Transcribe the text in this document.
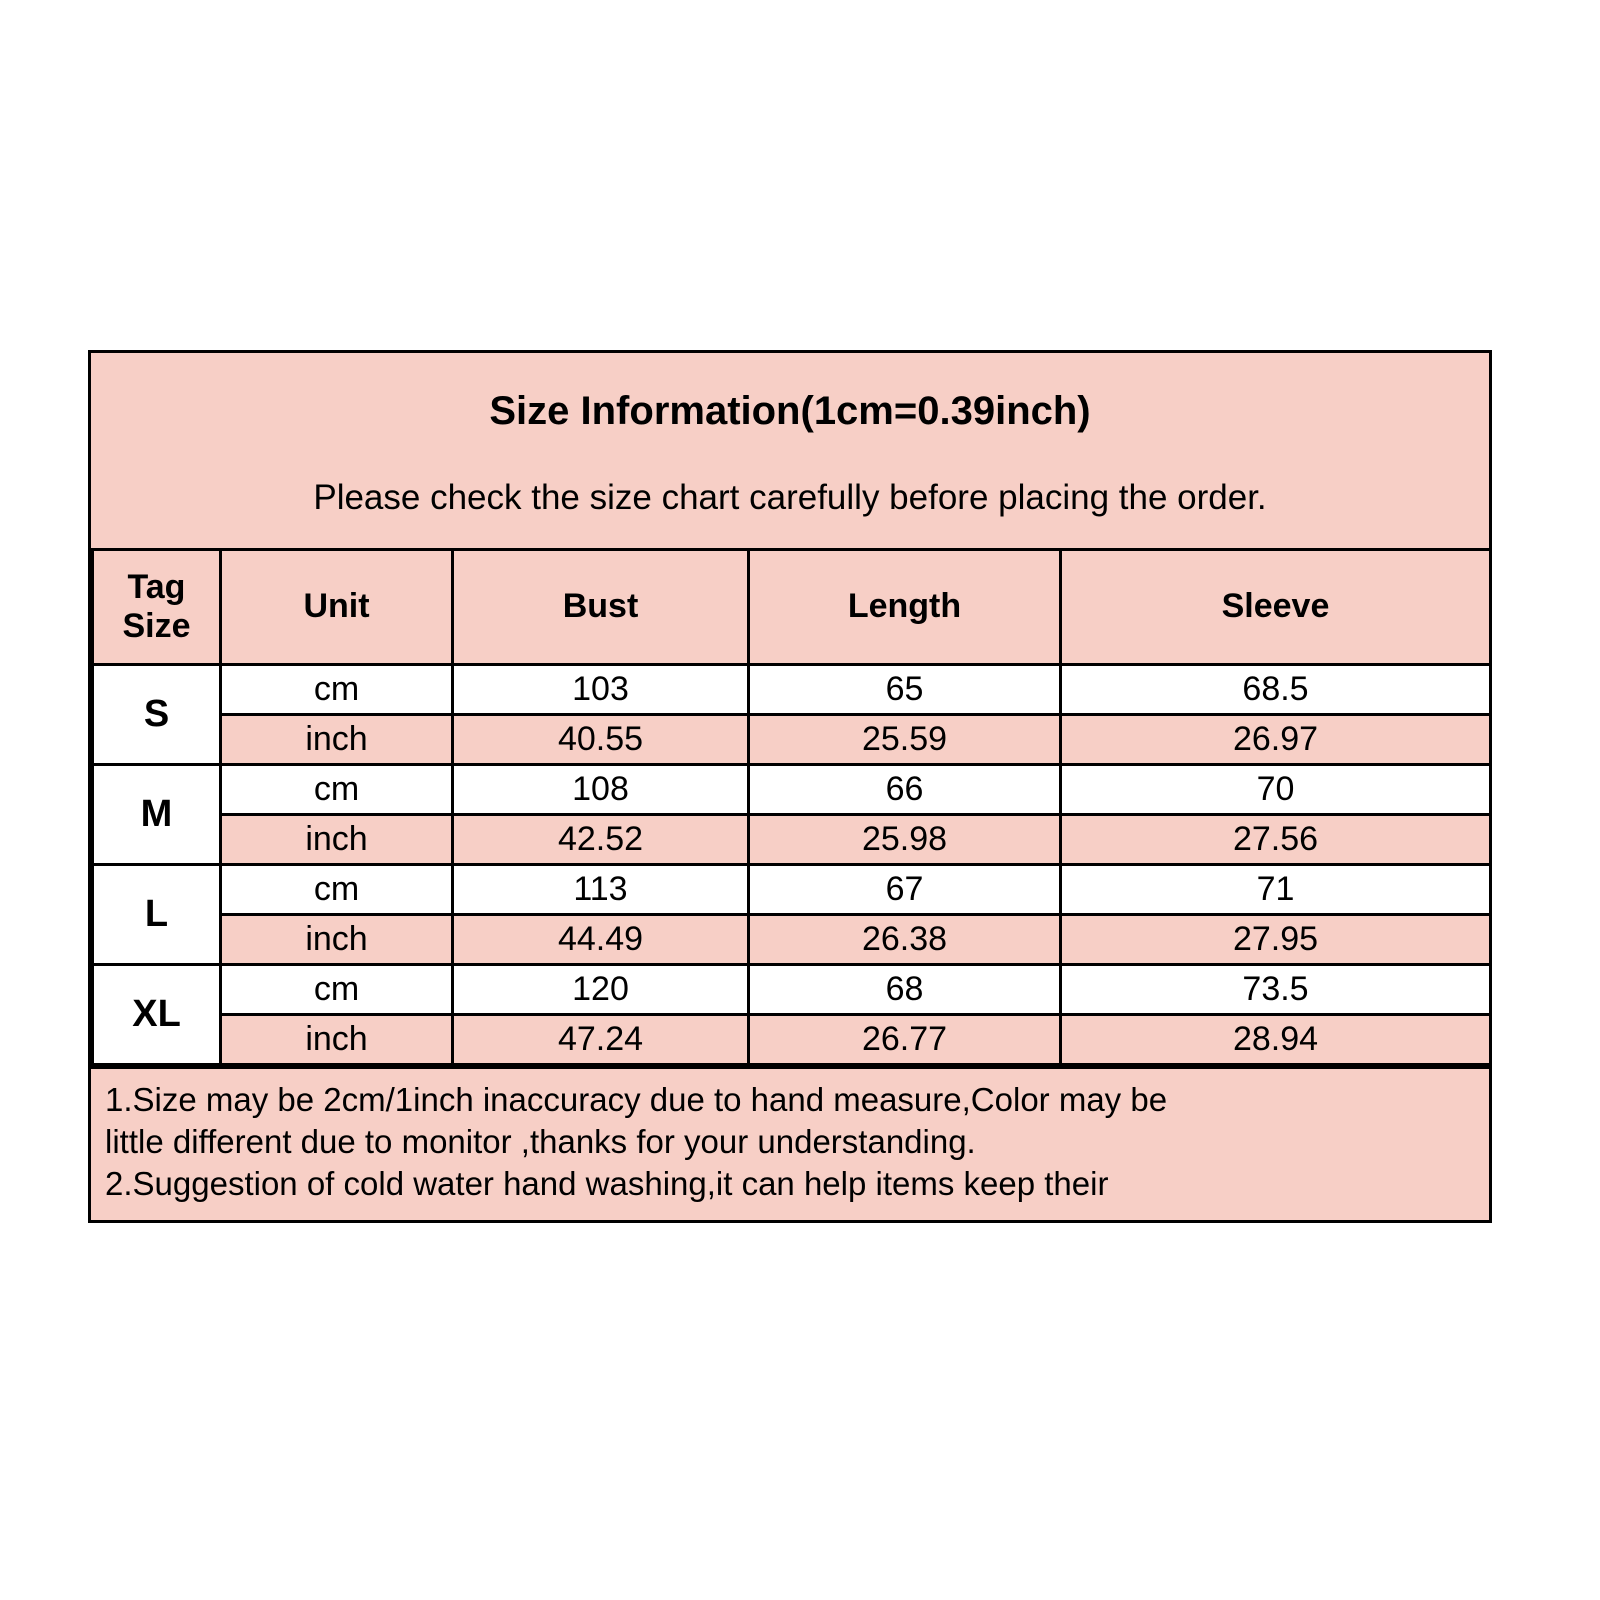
Size Information(1cm=0.39inch)
Please check the size chart carefully before placing the order.
Tag
Size	Unit	Bust	Length	Sleeve
S	cm	103	65	68.5
	inch	40.55	25.59	26.97
M	cm	108	66	70
	inch	42.52	25.98	27.56
L	cm	113	67	71
	inch	44.49	26.38	27.95
XL	cm	120	68	73.5
	inch	47.24	26.77	28.94
1.Size may be 2cm/1inch inaccuracy due to hand measure,Color may be
little different due to monitor ,thanks for your understanding.
2.Suggestion of cold water hand washing,it can help items keep their
